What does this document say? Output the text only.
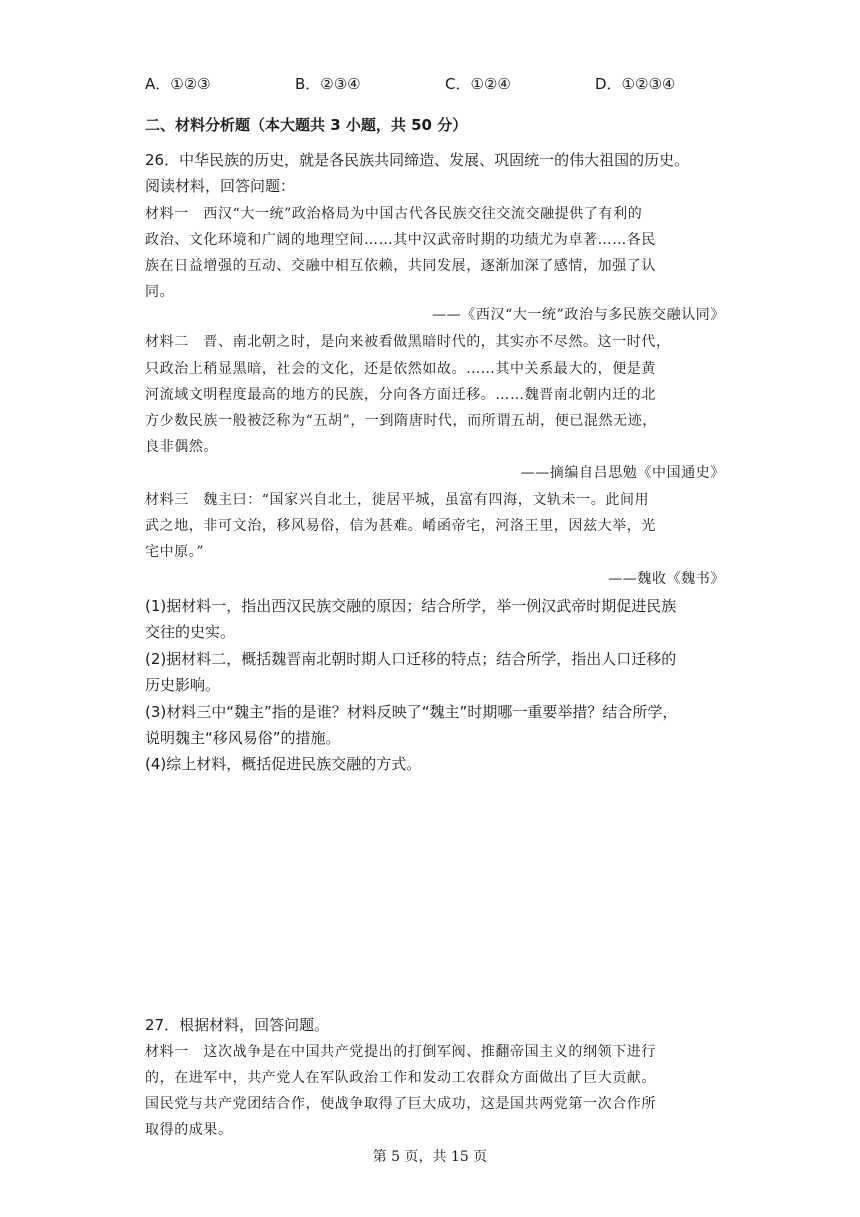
A．①②③	B．②③④	C．①②④	D．①②③④
二、材料分析题（本大题共 3 小题，共 50 分）
26．中华民族的历史，就是各民族共同缔造、发展、巩固统一的伟大祖国的历史。
阅读材料，回答问题：
材料一　西汉“大一统”政治格局为中国古代各民族交往交流交融提供了有利的
政治、文化环境和广阔的地理空间……其中汉武帝时期的功绩尤为卓著……各民
族在日益增强的互动、交融中相互依赖，共同发展，逐渐加深了感情，加强了认
同。
——《西汉“大一统”政治与多民族交融认同》
材料二　晋、南北朝之时，是向来被看做黑暗时代的，其实亦不尽然。这一时代，
只政治上稍显黑暗，社会的文化，还是依然如故。……其中关系最大的，便是黄
河流域文明程度最高的地方的民族，分向各方面迁移。……魏晋南北朝内迁的北
方少数民族一般被泛称为“五胡”，一到隋唐时代，而所谓五胡，便已混然无迹，
良非偶然。
——摘编自吕思勉《中国通史》
材料三　魏主曰：“国家兴自北土，徙居平城，虽富有四海，文轨未一。此间用
武之地，非可文治，移风易俗，信为甚难。崤函帝宅，河洛王里，因兹大举，光
宅中原。”
——魏收《魏书》
(1)据材料一，指出西汉民族交融的原因；结合所学，举一例汉武帝时期促进民族
交往的史实。
(2)据材料二，概括魏晋南北朝时期人口迁移的特点；结合所学，指出人口迁移的
历史影响。
(3)材料三中“魏主”指的是谁？材料反映了“魏主”时期哪一重要举措？结合所学，
说明魏主“移风易俗”的措施。
(4)综上材料，概括促进民族交融的方式。
27．根据材料，回答问题。
材料一　这次战争是在中国共产党提出的打倒军阀、推翻帝国主义的纲领下进行
的，在进军中，共产党人在军队政治工作和发动工农群众方面做出了巨大贡献。
国民党与共产党团结合作，使战争取得了巨大成功，这是国共两党第一次合作所
取得的成果。
第 5 页，共 15 页
